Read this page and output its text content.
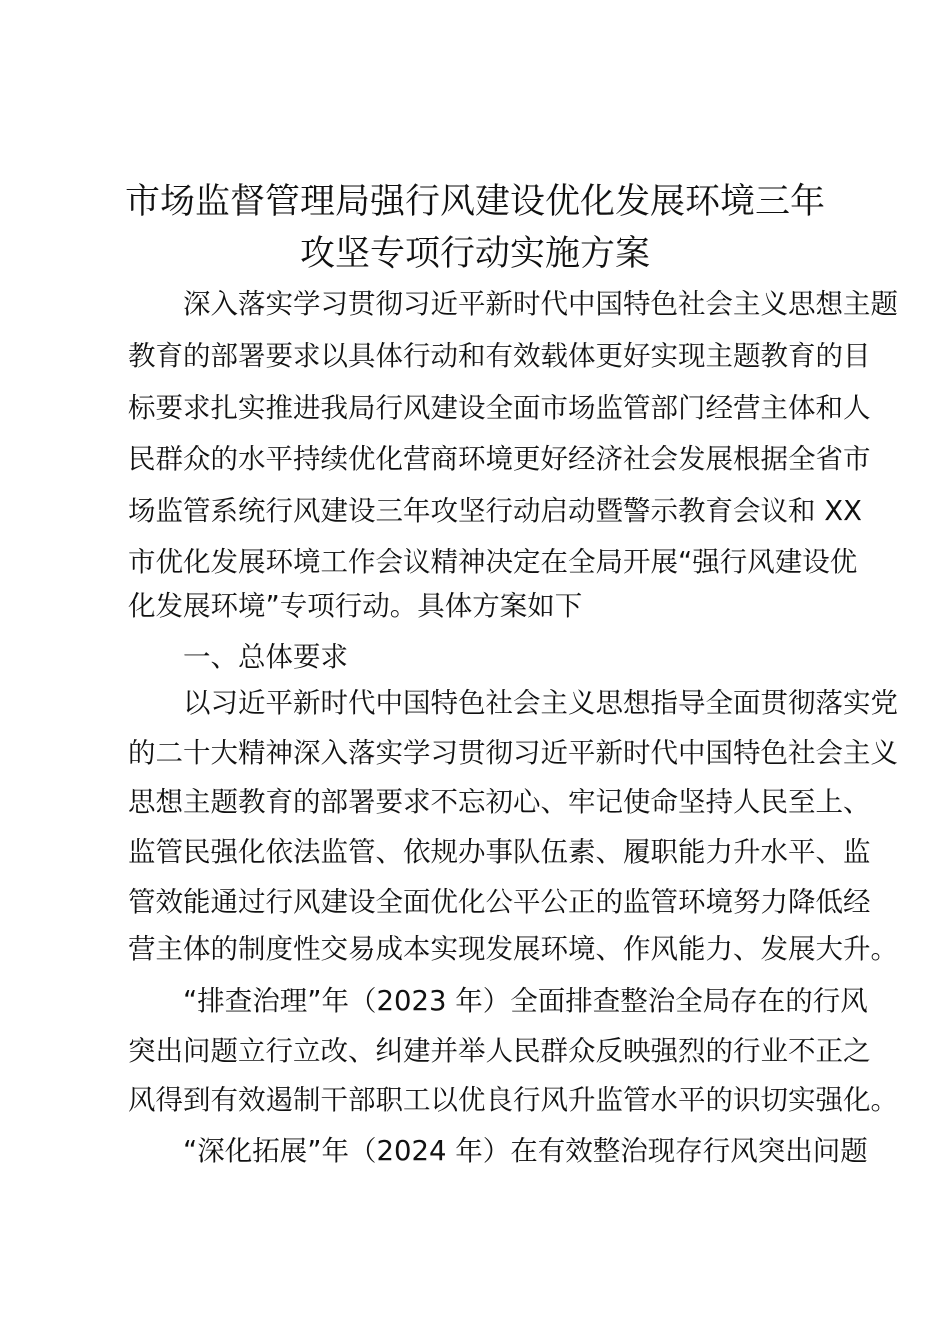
市场监督管理局强行风建设优化发展环境三年
攻坚专项行动实施方案
深入落实学习贯彻习近平新时代中国特色社会主义思想主题
教育的部署要求以具体行动和有效载体更好实现主题教育的目
标要求扎实推进我局行风建设全面市场监管部门经营主体和人
民群众的水平持续优化营商环境更好经济社会发展根据全省市
场监管系统行风建设三年攻坚行动启动暨警示教育会议和 XX
市优化发展环境工作会议精神决定在全局开展“强行风建设优
化发展环境”专项行动。具体方案如下
一、总体要求
以习近平新时代中国特色社会主义思想指导全面贯彻落实党
的二十大精神深入落实学习贯彻习近平新时代中国特色社会主义
思想主题教育的部署要求不忘初心、牢记使命坚持人民至上、
监管民强化依法监管、依规办事队伍素、履职能力升水平、监
管效能通过行风建设全面优化公平公正的监管环境努力降低经
营主体的制度性交易成本实现发展环境、作风能力、发展大升。
“排查治理”年（2023 年）全面排查整治全局存在的行风
突出问题立行立改、纠建并举人民群众反映强烈的行业不正之
风得到有效遏制干部职工以优良行风升监管水平的识切实强化。
“深化拓展”年（2024 年）在有效整治现存行风突出问题
